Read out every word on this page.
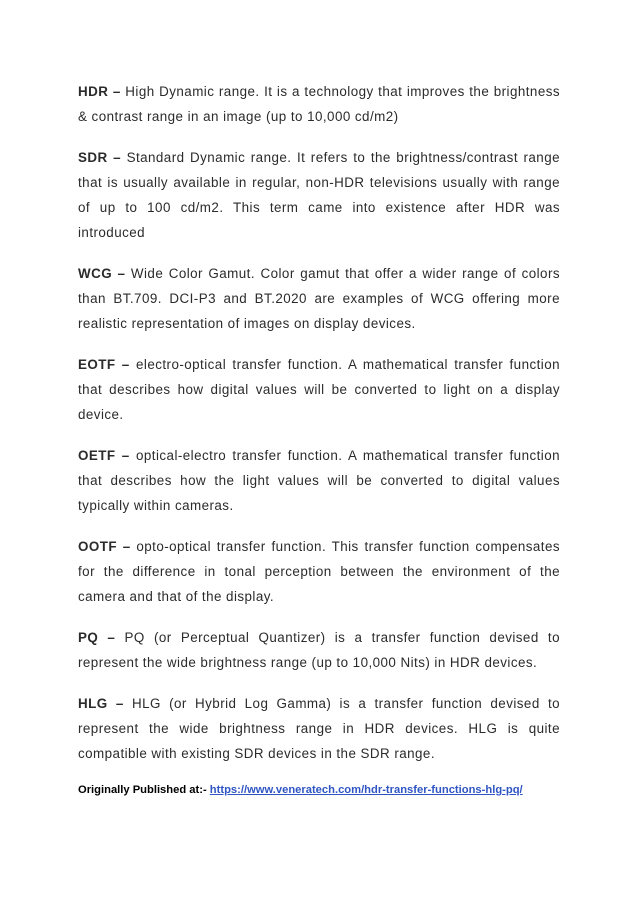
HDR – High Dynamic range. It is a technology that improves the brightness & contrast range in an image (up to 10,000 cd/m2)

SDR – Standard Dynamic range. It refers to the brightness/contrast range that is usually available in regular, non-HDR televisions usually with range of up to 100 cd/m2. This term came into existence after HDR was introduced

WCG – Wide Color Gamut. Color gamut that offer a wider range of colors than BT.709. DCI-P3 and BT.2020 are examples of WCG offering more realistic representation of images on display devices.

EOTF – electro-optical transfer function. A mathematical transfer function that describes how digital values will be converted to light on a display device.

OETF – optical-electro transfer function. A mathematical transfer function that describes how the light values will be converted to digital values typically within cameras.

OOTF – opto-optical transfer function. This transfer function compensates for the difference in tonal perception between the environment of the camera and that of the display.

PQ – PQ (or Perceptual Quantizer) is a transfer function devised to represent the wide brightness range (up to 10,000 Nits) in HDR devices.

HLG – HLG (or Hybrid Log Gamma) is a transfer function devised to represent the wide brightness range in HDR devices. HLG is quite compatible with existing SDR devices in the SDR range.

Originally Published at:- https://www.veneratech.com/hdr-transfer-functions-hlg-pq/
